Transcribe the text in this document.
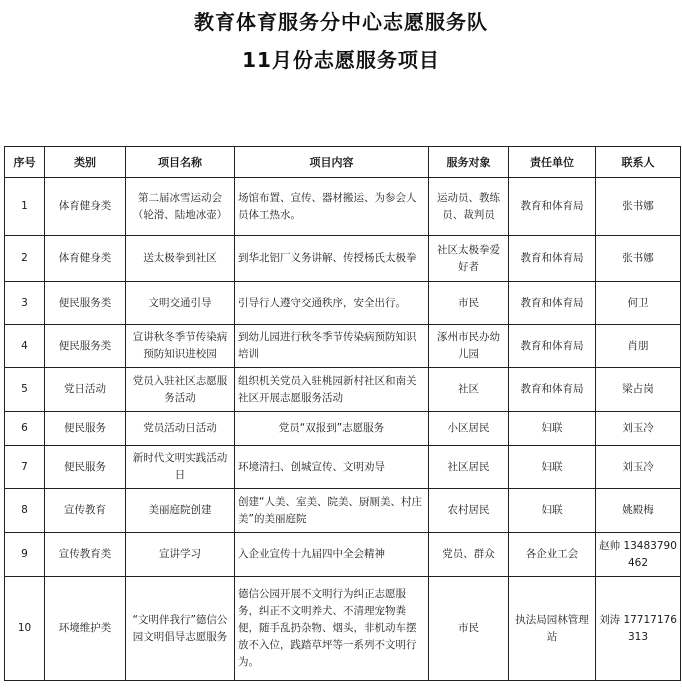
教育体育服务分中心志愿服务队
11月份志愿服务项目
序号	类别	项目名称	项目内容	服务对象	责任单位	联系人
1	体育健身类	第二届冰雪运动会（轮滑、陆地冰壶）	场馆布置、宣传、器材搬运、为参会人员体工热水。	运动员、教练员、裁判员	教育和体育局	张书娜
2	体育健身类	送太极拳到社区	到华北铝厂义务讲解、传授杨氏太极拳	社区太极拳爱好者	教育和体育局	张书娜
3	便民服务类	文明交通引导	引导行人遵守交通秩序，安全出行。	市民	教育和体育局	何卫
4	便民服务类	宣讲秋冬季节传染病预防知识进校园	到幼儿园进行秋冬季节传染病预防知识培训	涿州市民办幼儿园	教育和体育局	肖朋
5	党日活动	党员入驻社区志愿服务活动	组织机关党员入驻桃园新村社区和南关社区开展志愿服务活动	社区	教育和体育局	梁占岗
6	便民服务	党员活动日活动	党员“双报到”志愿服务	小区居民	妇联	刘玉冷
7	便民服务	新时代文明实践活动日	环境清扫、创城宣传、文明劝导	社区居民	妇联	刘玉冷
8	宣传教育	美丽庭院创建	创建“人美、室美、院美、厨厕美、村庄美”的美丽庭院	农村居民	妇联	姚殿梅
9	宣传教育类	宣讲学习	入企业宣传十九届四中全会精神	党员、群众	各企业工会	赵帅 13483790462
10	环境维护类	“文明伴我行”德信公园文明倡导志愿服务	德信公园开展不文明行为纠正志愿服务，纠正不文明养犬、不清理宠物粪便，随手乱扔杂物、烟头，非机动车摆放不入位，践踏草坪等一系列不文明行为。	市民	执法局园林管理站	刘涛 17717176313
